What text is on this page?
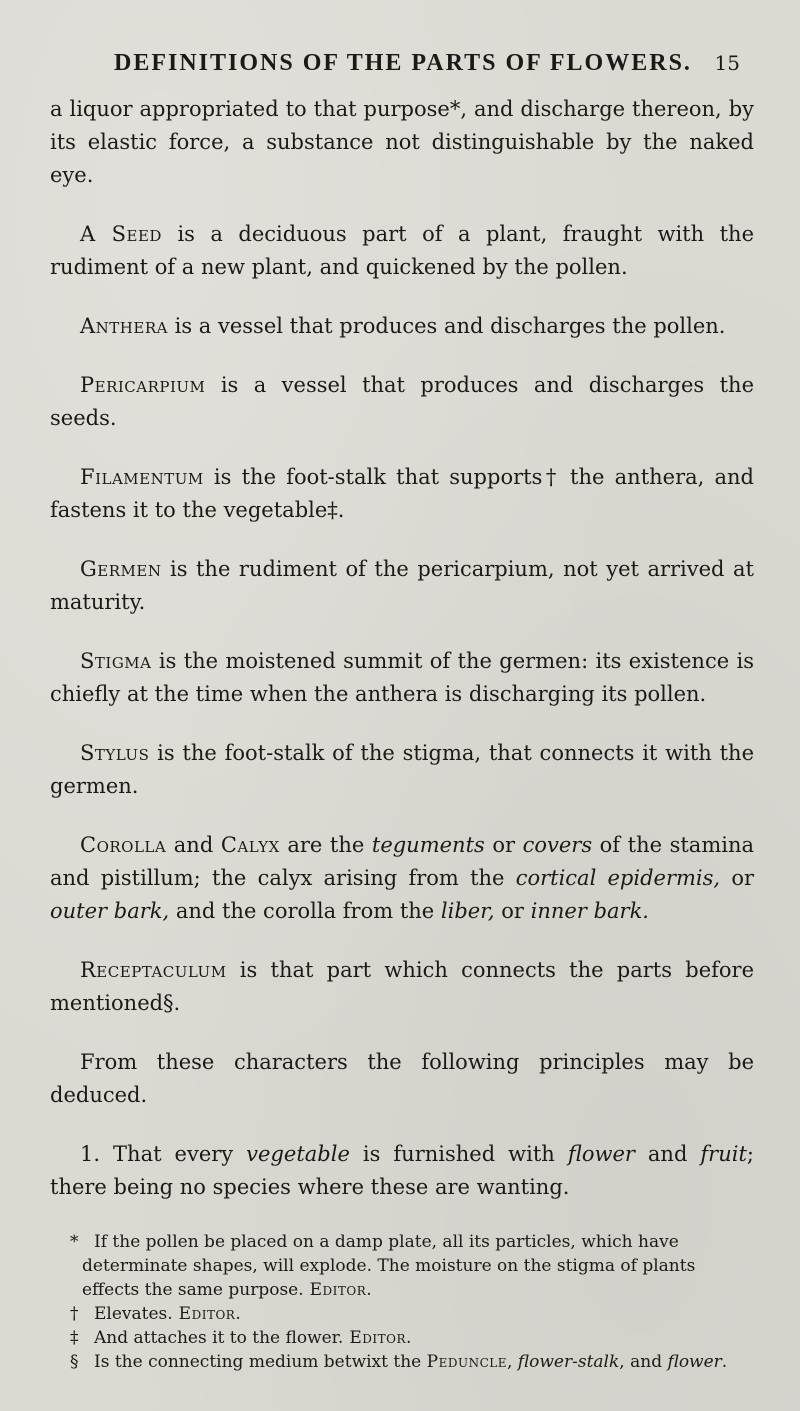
DEFINITIONS OF THE PARTS OF FLOWERS. 15

a liquor appropriated to that purpose*, and discharge thereon, by its elastic force, a substance not distinguishable by the naked eye.

A Seed is a deciduous part of a plant, fraught with the rudiment of a new plant, and quickened by the pollen.

Anthera is a vessel that produces and discharges the pollen.

Pericarpium is a vessel that produces and discharges the seeds.

Filamentum is the foot-stalk that supports† the anthera, and fastens it to the vegetable‡.

Germen is the rudiment of the pericarpium, not yet arrived at maturity.

Stigma is the moistened summit of the germen: its existence is chiefly at the time when the anthera is discharging its pollen.

Stylus is the foot-stalk of the stigma, that connects it with the germen.

Corolla and Calyx are the teguments or covers of the stamina and pistillum; the calyx arising from the cortical epidermis, or outer bark, and the corolla from the liber, or inner bark.

Receptaculum is that part which connects the parts before mentioned§.

From these characters the following principles may be deduced.

1. That every vegetable is furnished with flower and fruit; there being no species where these are wanting.

* If the pollen be placed on a damp plate, all its particles, which have determinate shapes, will explode. The moisture on the stigma of plants effects the same purpose. Editor.

† Elevates. Editor.

‡ And attaches it to the flower. Editor.

§ Is the connecting medium betwixt the Peduncle, flower-stalk, and flower.
